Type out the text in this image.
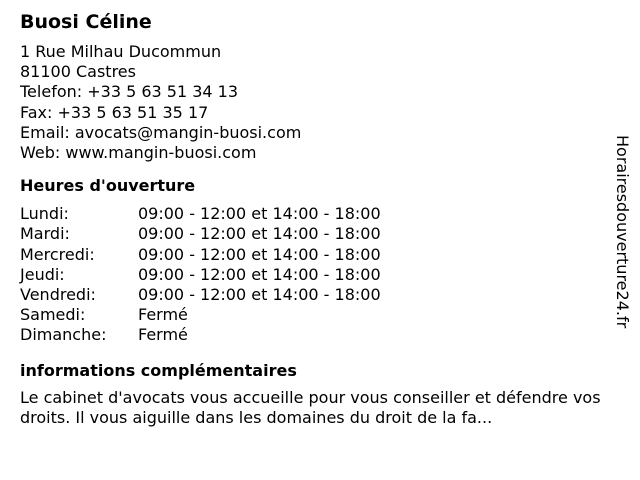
Buosi Céline
1 Rue Milhau Ducommun
81100 Castres
Telefon: +33 5 63 51 34 13
Fax: +33 5 63 51 35 17
Email: avocats@mangin-buosi.com
Web: www.mangin-buosi.com
Heures d'ouverture
Lundi:	09:00 - 12:00 et 14:00 - 18:00
Mardi:	09:00 - 12:00 et 14:00 - 18:00
Mercredi:	09:00 - 12:00 et 14:00 - 18:00
Jeudi:	09:00 - 12:00 et 14:00 - 18:00
Vendredi:	09:00 - 12:00 et 14:00 - 18:00
Samedi:	Fermé
Dimanche:	Fermé
informations complémentaires
Le cabinet d'avocats vous accueille pour vous conseiller et défendre vos droits. Il vous aiguille dans les domaines du droit de la fa...
Horairesdouverture24.fr
